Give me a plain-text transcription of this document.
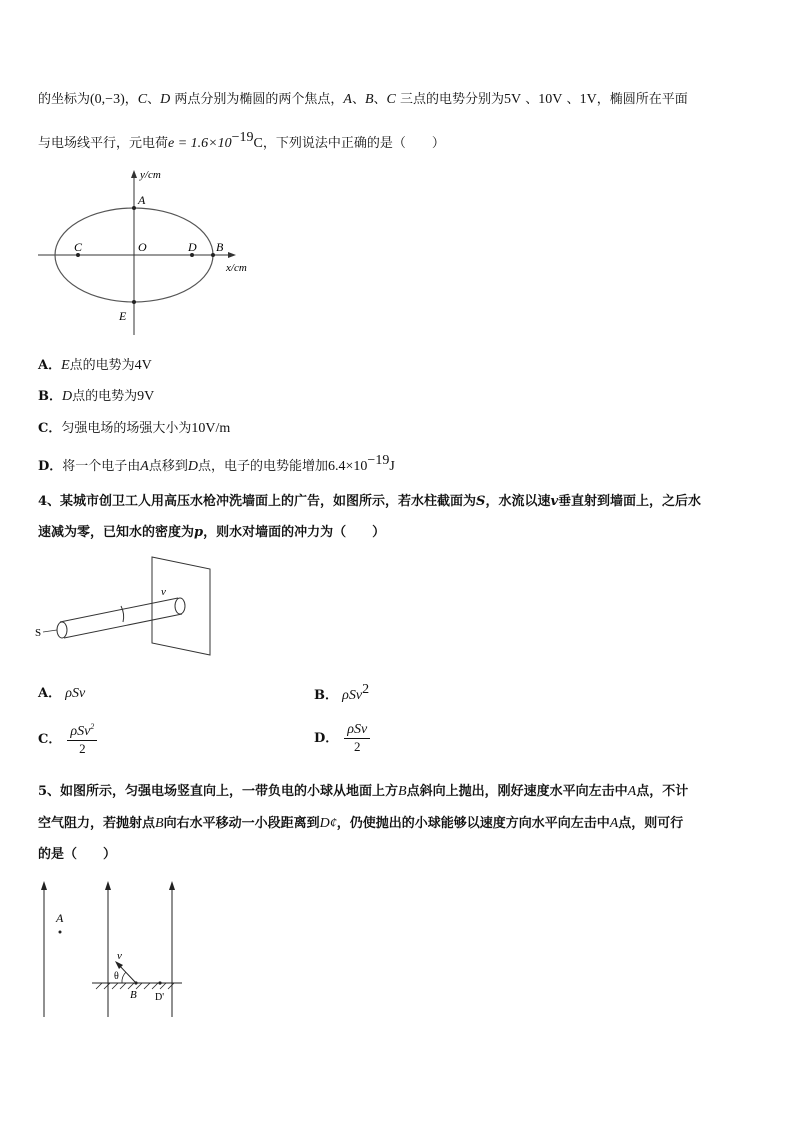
的坐标为(0,−3)，C、D 两点分别为椭圆的两个焦点，A、B、C 三点的电势分别为5V 、10V 、1V，椭圆所在平面
与电场线平行，元电荷$e = 1.6\times 10^{-19}C$，下列说法中正确的是（　　）
y/cm
x/cm
A
C	O	D B
E
A．E点的电势为4V
B．D点的电势为9V
C．匀强电场的场强大小为10V/m
D．将一个电子由A点移到D点，电子的电势能增加$6.4\times 10^{-19}J$
4、某城市创卫工人用高压水枪冲洗墙面上的广告，如图所示，若水柱截面为S，水流以速v垂直射到墙面上，之后水
速减为零，已知水的密度为p，则水对墙面的冲力为（　　）
v
S
A． ρSv	B． ρSv$^2$
C． $\frac{\rho Sv^2}{2}$	D． $\frac{\text{ρSv}}{2}$
5、如图所示，匀强电场竖直向上，一带负电的小球从地面上方B点斜向上抛出，刚好速度水平向左击中A点，不计
空气阻力，若抛射点B向右水平移动一小段距离到D¢，仍使抛出的小球能够以速度方向水平向左击中A点，则可行
的是（　　）
A
v
θ
B D'
